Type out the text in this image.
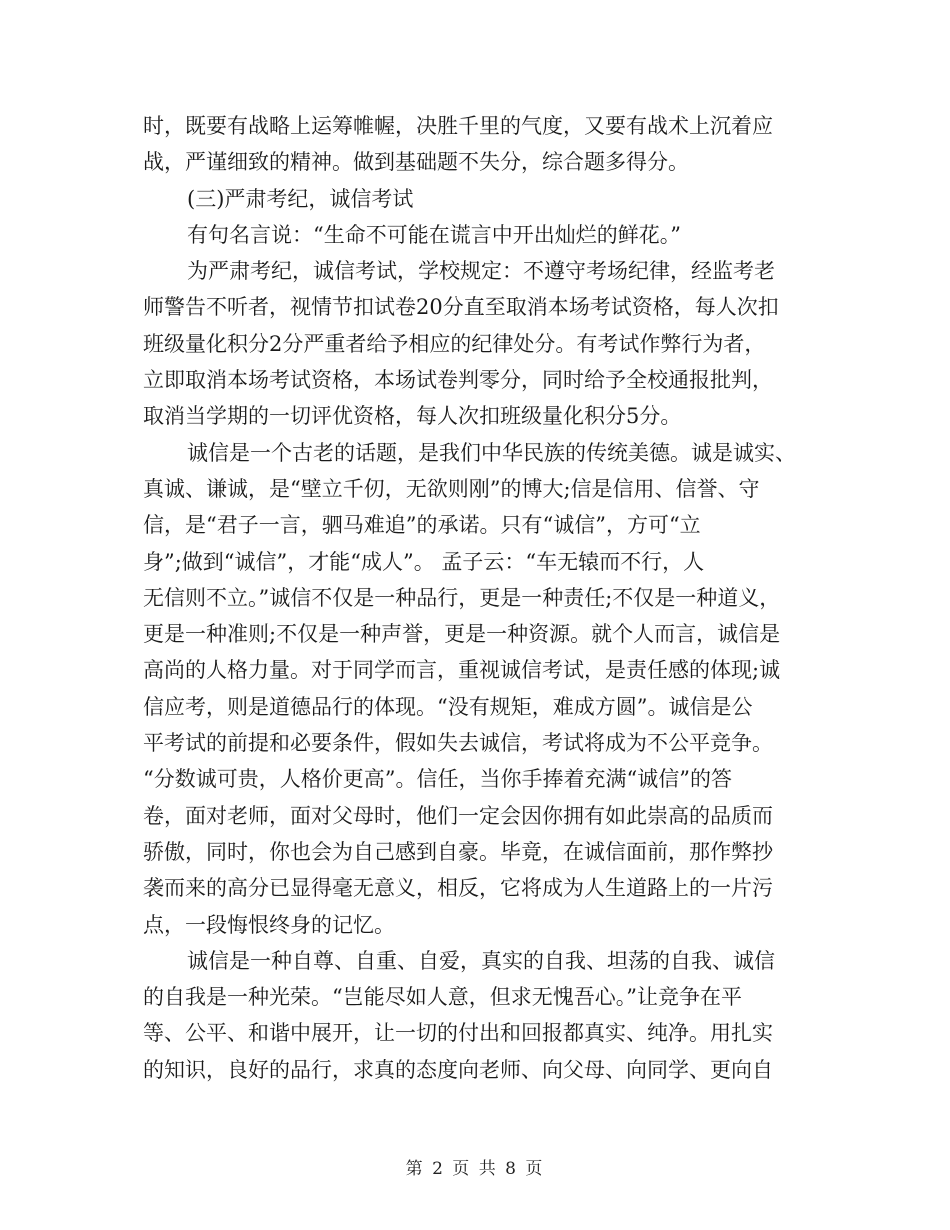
时，既要有战略上运筹帷幄，决胜千里的气度，又要有战术上沉着应
战，严谨细致的精神。做到基础题不失分，综合题多得分。
(三)严肃考纪，诚信考试
有句名言说：“生命不可能在谎言中开出灿烂的鲜花。”
为严肃考纪，诚信考试，学校规定：不遵守考场纪律，经监考老
师警告不听者，视情节扣试卷20分直至取消本场考试资格，每人次扣
班级量化积分2分严重者给予相应的纪律处分。有考试作弊行为者，
立即取消本场考试资格，本场试卷判零分，同时给予全校通报批判，
取消当学期的一切评优资格，每人次扣班级量化积分5分。
诚信是一个古老的话题，是我们中华民族的传统美德。诚是诚实、
真诚、谦诚，是“壁立千仞，无欲则刚”的博大;信是信用、信誉、守
信，是“君子一言，驷马难追”的承诺。只有“诚信”，方可“立
身”;做到“诚信”，才能“成人”。 孟子云：“车无辕而不行，人
无信则不立。”诚信不仅是一种品行，更是一种责任;不仅是一种道义，
更是一种准则;不仅是一种声誉，更是一种资源。就个人而言，诚信是
高尚的人格力量。对于同学而言，重视诚信考试，是责任感的体现;诚
信应考，则是道德品行的体现。“没有规矩，难成方圆”。诚信是公
平考试的前提和必要条件，假如失去诚信，考试将成为不公平竞争。
“分数诚可贵，人格价更高”。信任，当你手捧着充满“诚信”的答
卷，面对老师，面对父母时，他们一定会因你拥有如此崇高的品质而
骄傲，同时，你也会为自己感到自豪。毕竟，在诚信面前，那作弊抄
袭而来的高分已显得毫无意义，相反，它将成为人生道路上的一片污
点，一段悔恨终身的记忆。
诚信是一种自尊、自重、自爱，真实的自我、坦荡的自我、诚信
的自我是一种光荣。“岂能尽如人意，但求无愧吾心。”让竞争在平
等、公平、和谐中展开，让一切的付出和回报都真实、纯净。用扎实
的知识，良好的品行，求真的态度向老师、向父母、向同学、更向自
第 2 页 共 8 页
